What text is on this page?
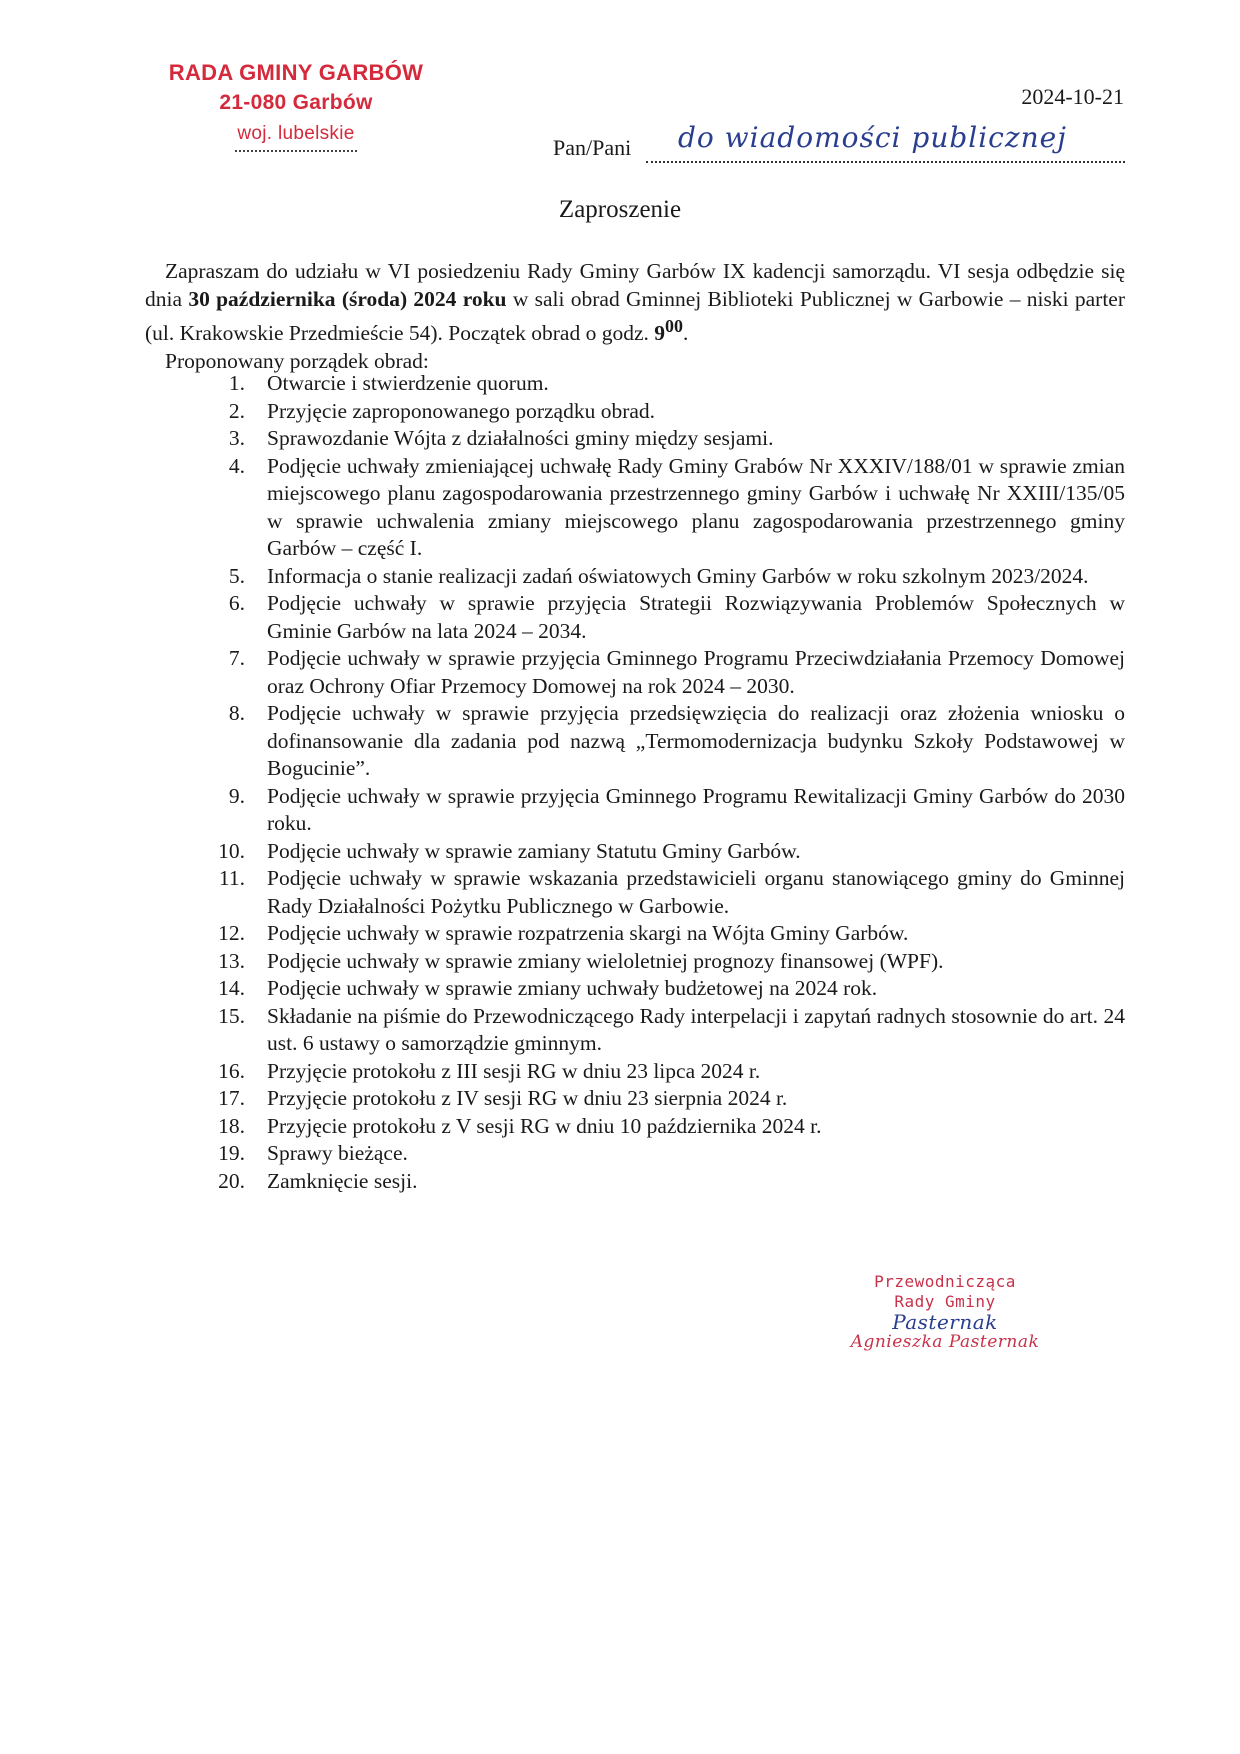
RADA GMINY GARBÓW
21-080 Garbów
woj. lubelskie
2024-10-21
Pan/Pani do wiadomości publicznej
Zaproszenie

Zapraszam do udziału w VI posiedzeniu Rady Gminy Garbów IX kadencji samorządu. VI sesja odbędzie się dnia 30 października (środa) 2024 roku w sali obrad Gminnej Biblioteki Publicznej w Garbowie – niski parter (ul. Krakowskie Przedmieście 54). Początek obrad o godz. $9^{00}$.

Proponowany porządek obrad:

1. Otwarcie i stwierdzenie quorum.
2. Przyjęcie zaproponowanego porządku obrad.
3. Sprawozdanie Wójta z działalności gminy między sesjami.
4. Podjęcie uchwały zmieniającej uchwałę Rady Gminy Grabów Nr XXXIV/188/01 w sprawie zmian miejscowego planu zagospodarowania przestrzennego gminy Garbów i uchwałę Nr XXIII/135/05 w sprawie uchwalenia zmiany miejscowego planu zagospodarowania przestrzennego gminy Garbów – część I.
5. Informacja o stanie realizacji zadań oświatowych Gminy Garbów w roku szkolnym 2023/2024.
6. Podjęcie uchwały w sprawie przyjęcia Strategii Rozwiązywania Problemów Społecznych w Gminie Garbów na lata 2024 – 2034.
7. Podjęcie uchwały w sprawie przyjęcia Gminnego Programu Przeciwdziałania Przemocy Domowej oraz Ochrony Ofiar Przemocy Domowej na rok 2024 – 2030.
8. Podjęcie uchwały w sprawie przyjęcia przedsięwzięcia do realizacji oraz złożenia wniosku o dofinansowanie dla zadania pod nazwą „Termomodernizacja budynku Szkoły Podstawowej w Bogucinie”.
9. Podjęcie uchwały w sprawie przyjęcia Gminnego Programu Rewitalizacji Gminy Garbów do 2030 roku.
10. Podjęcie uchwały w sprawie zamiany Statutu Gminy Garbów.
11. Podjęcie uchwały w sprawie wskazania przedstawicieli organu stanowiącego gminy do Gminnej Rady Działalności Pożytku Publicznego w Garbowie.
12. Podjęcie uchwały w sprawie rozpatrzenia skargi na Wójta Gminy Garbów.
13. Podjęcie uchwały w sprawie zmiany wieloletniej prognozy finansowej (WPF).
14. Podjęcie uchwały w sprawie zmiany uchwały budżetowej na 2024 rok.
15. Składanie na piśmie do Przewodniczącego Rady interpelacji i zapytań radnych stosownie do art. 24 ust. 6 ustawy o samorządzie gminnym.
16. Przyjęcie protokołu z III sesji RG w dniu 23 lipca 2024 r.
17. Przyjęcie protokołu z IV sesji RG w dniu 23 sierpnia 2024 r.
18. Przyjęcie protokołu z V sesji RG w dniu 10 października 2024 r.
19. Sprawy bieżące.
20. Zamknięcie sesji.
Przewodnicząca
Rady Gminy
Pasternak
Agnieszka Pasternak
